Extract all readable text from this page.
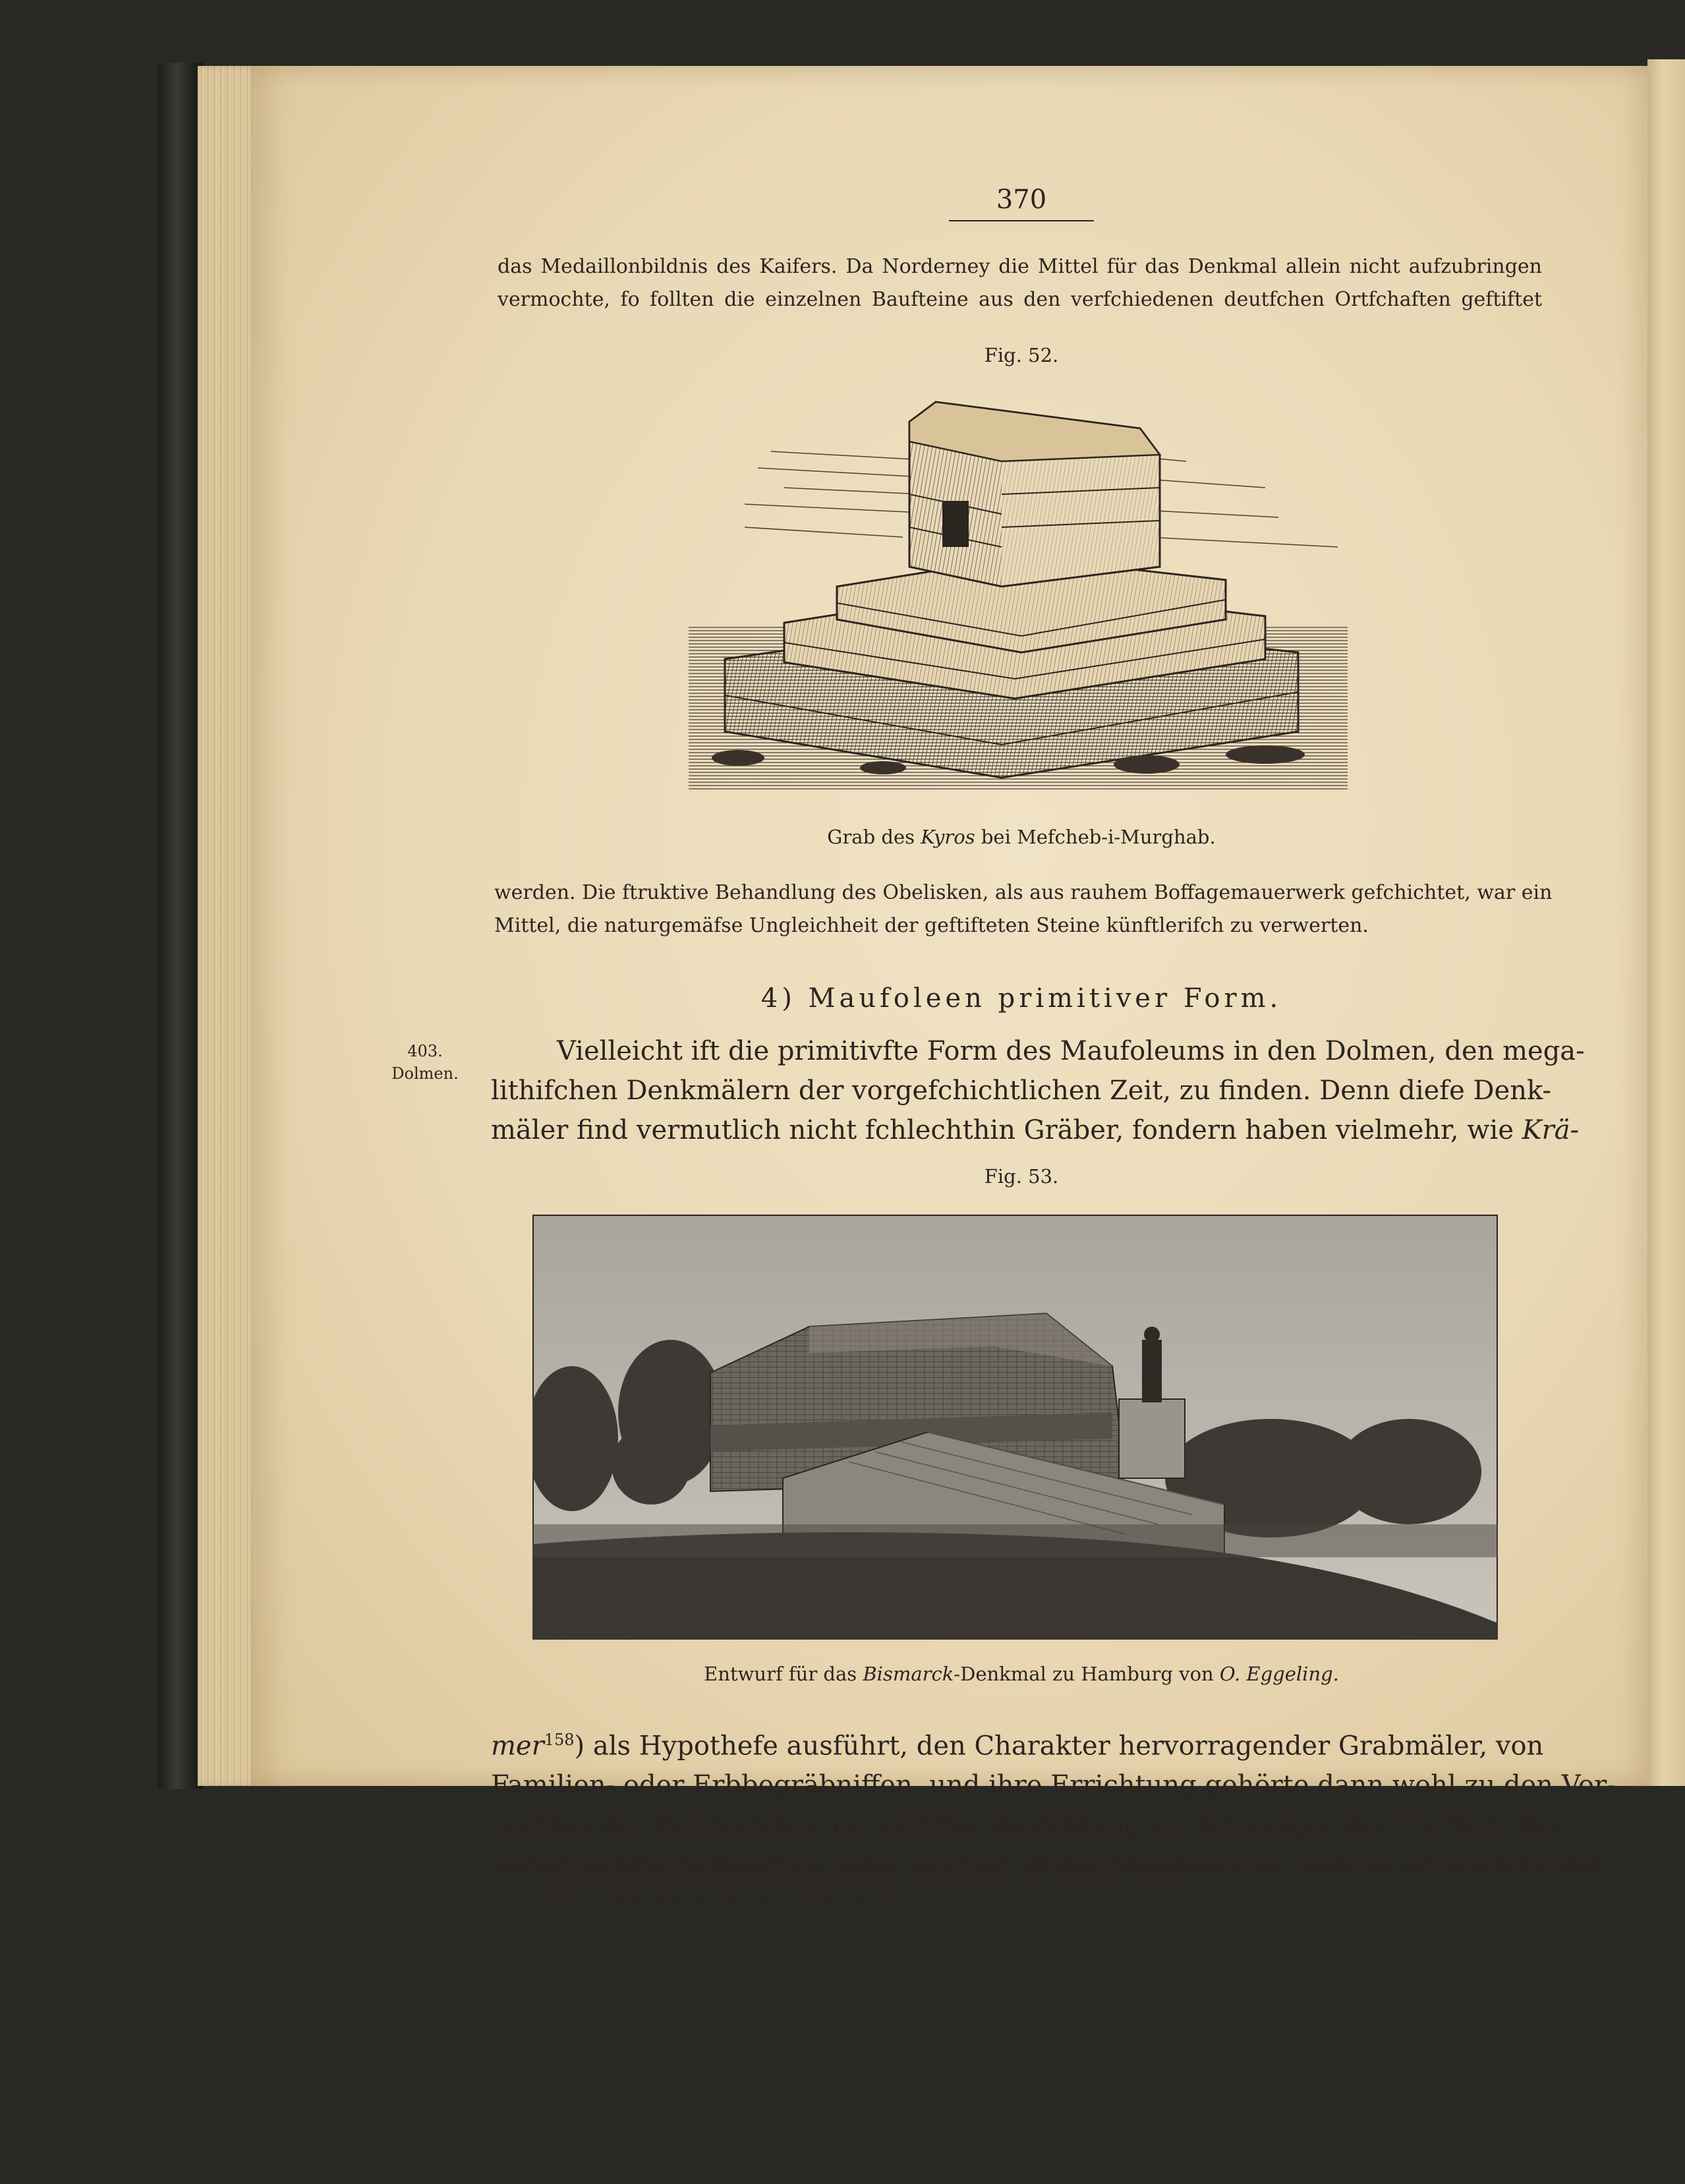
370
das Medaillonbildnis des Kaifers. Da Norderney die Mittel für das Denkmal allein nicht aufzubringen
vermochte, fo follten die einzelnen Baufteine aus den verfchiedenen deutfchen Ortfchaften geftiftet
Fig. 52.
Grab des Kyros bei Mefcheb-i-Murghab.
werden. Die ftruktive Behandlung des Obelisken, als aus rauhem Boffagemauerwerk gefchichtet, war ein
Mittel, die naturgemäfse Ungleichheit der geftifteten Steine künftlerifch zu verwerten.
4) Maufoleen primitiver Form.
403.
Dolmen.
Vielleicht ift die primitivfte Form des Maufoleums in den Dolmen, den mega-
lithifchen Denkmälern der vorgefchichtlichen Zeit, zu finden. Denn diefe Denk-
mäler find vermutlich nicht fchlechthin Gräber, fondern haben vielmehr, wie Krä-
Fig. 53.
Entwurf für das Bismarck-Denkmal zu Hamburg von O. Eggeling.
mer$^{158}$) als Hypothefe ausführt, den Charakter hervorragender Grabmäler, von
Familien- oder Erbbegräbniffen, und ihre Errichtung gehörte dann wohl zu den Vor-
rechten der Befitzenden, in reichfter Ausbildung zu denjenigen der Fürften. Der
wefentlichfte Beftandteil jedes Dolmen ift die Steinkammer, welche entweder rund
$^{158}$) In: Centralbl. d. Bauverw. 1893, S. 357.
